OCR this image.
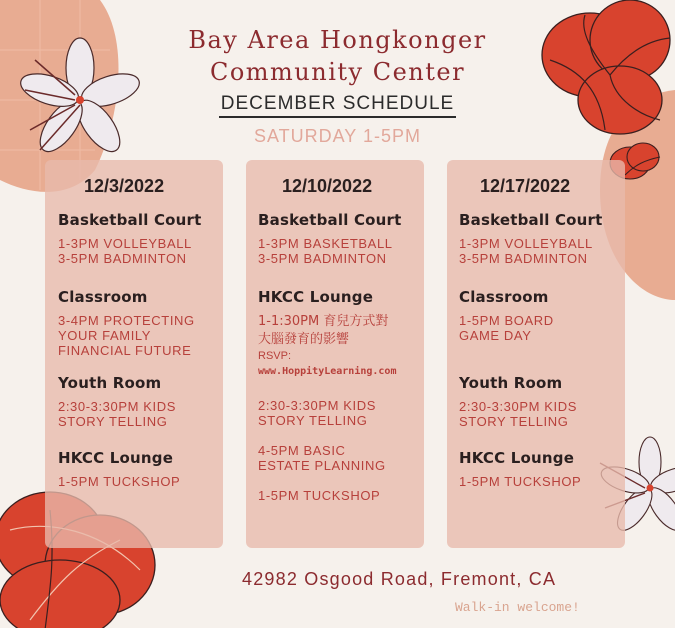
Bay Area Hongkonger
Community Center
DECEMBER SCHEDULE
SATURDAY 1-5PM
12/3/2022
Basketball Court
1-3PM VOLLEYBALL
3-5PM BADMINTON
Classroom
3-4PM PROTECTING
YOUR FAMILY
FINANCIAL FUTURE
Youth Room
2:30-3:30PM KIDS
STORY TELLING
HKCC Lounge
1-5PM TUCKSHOP
12/10/2022
Basketball Court
1-3PM BASKETBALL
3-5PM BADMINTON
HKCC Lounge
1-1:30PM 育兒方式對
大腦發育的影響
RSVP:
www.HoppityLearning.com
2:30-3:30PM KIDS
STORY TELLING
4-5PM BASIC
ESTATE PLANNING
1-5PM TUCKSHOP
12/17/2022
Basketball Court
1-3PM VOLLEYBALL
3-5PM BADMINTON
Classroom
1-5PM BOARD
GAME DAY
Youth Room
2:30-3:30PM KIDS
STORY TELLING
HKCC Lounge
1-5PM TUCKSHOP
42982 Osgood Road, Fremont, CA
Walk-in welcome!
